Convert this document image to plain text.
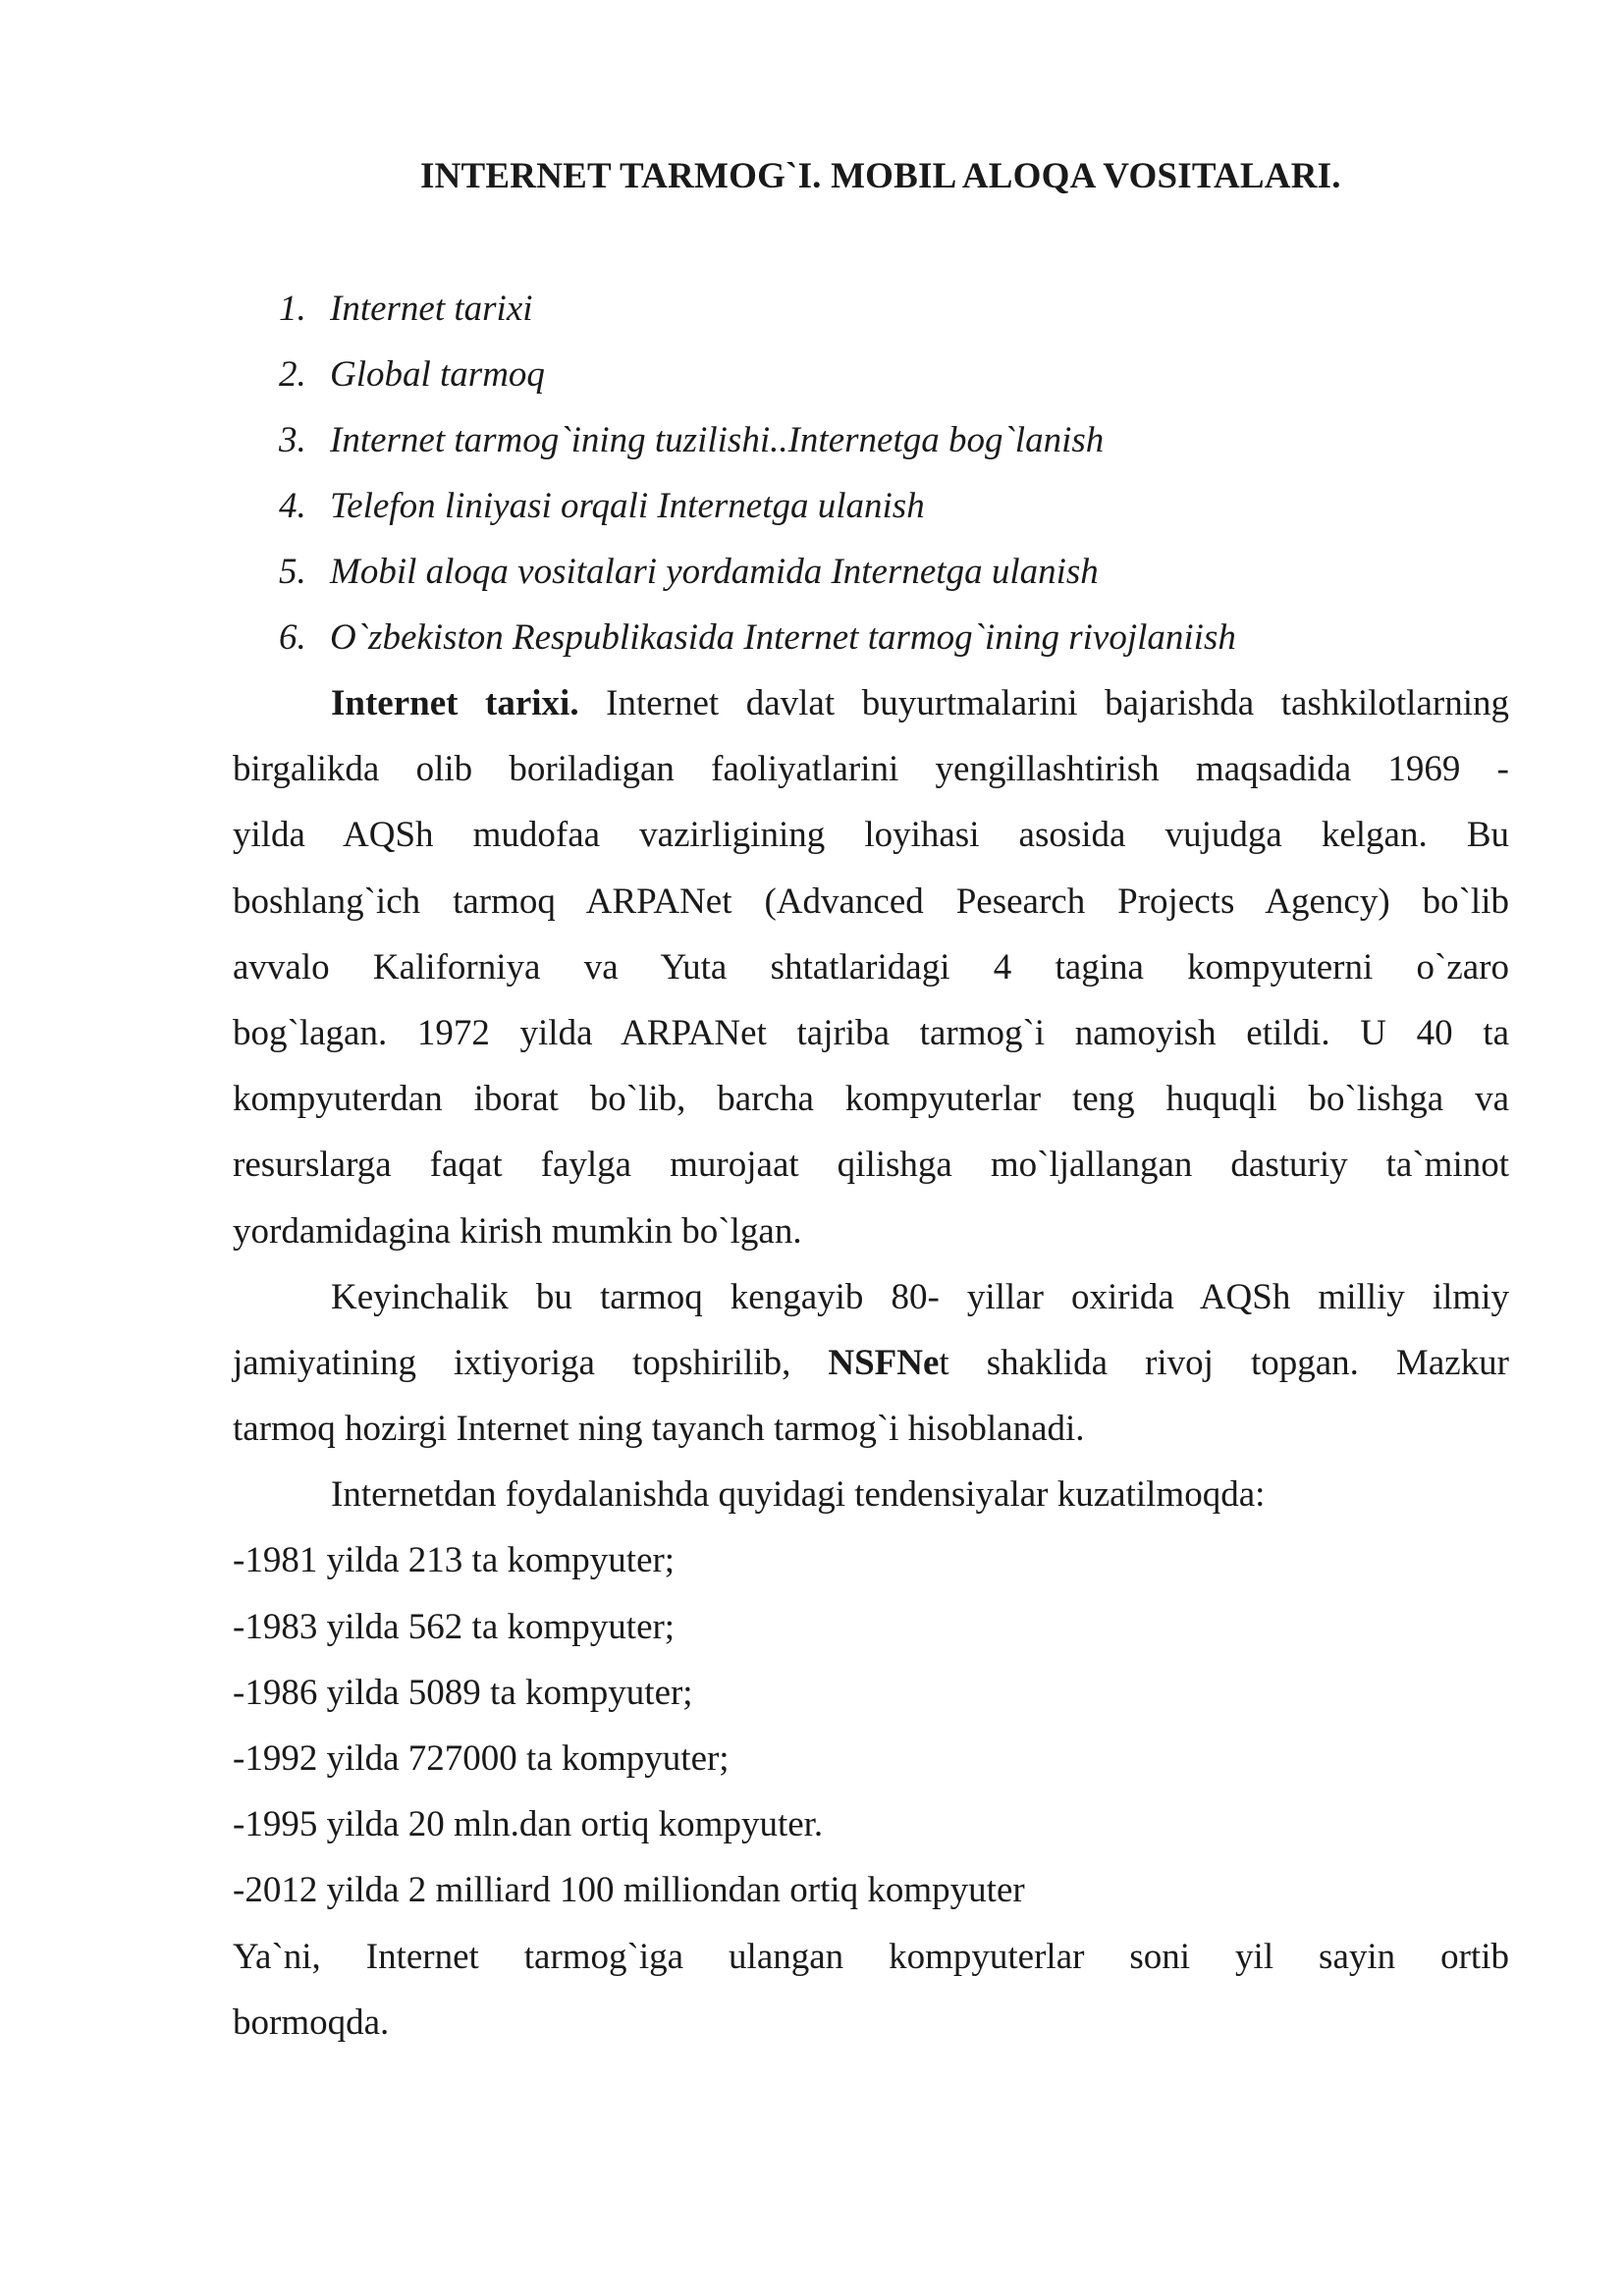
INTERNET TARMOG`I. MOBIL ALOQA VOSITALARI.
1. Internet tarixi
2. Global tarmoq
3. Internet tarmog`ining tuzilishi..Internetga bog`lanish
4. Telefon liniyasi orqali Internetga ulanish
5. Mobil aloqa vositalari yordamida Internetga ulanish
6. O`zbekiston Respublikasida Internet tarmog`ining rivojlaniish
Internet tarixi. Internet davlat buyurtmalarini bajarishda tashkilotlarning
birgalikda olib boriladigan faoliyatlarini yengillashtirish maqsadida 1969 -
yilda AQSh mudofaa vazirligining loyihasi asosida vujudga kelgan. Bu
boshlang`ich tarmoq ARPANet (Advanced Pesearch Projects Agency) bo`lib
avvalo Kaliforniya va Yuta shtatlaridagi 4 tagina kompyuterni o`zaro
bog`lagan. 1972 yilda ARPANet tajriba tarmog`i namoyish etildi. U 40 ta
kompyuterdan iborat bo`lib, barcha kompyuterlar teng huquqli bo`lishga va
resurslarga faqat faylga murojaat qilishga mo`ljallangan dasturiy ta`minot
yordamidagina kirish mumkin bo`lgan.
Keyinchalik bu tarmoq kengayib 80- yillar oxirida AQSh milliy ilmiy
jamiyatining ixtiyoriga topshirilib, NSFNet shaklida rivoj topgan. Mazkur
tarmoq hozirgi Internet ning tayanch tarmog`i hisoblanadi.
Internetdan foydalanishda quyidagi tendensiyalar kuzatilmoqda:
-1981 yilda 213 ta kompyuter;
-1983 yilda 562 ta kompyuter;
-1986 yilda 5089 ta kompyuter;
-1992 yilda 727000 ta kompyuter;
-1995 yilda 20 mln.dan ortiq kompyuter.
-2012 yilda 2 milliard 100 milliondan ortiq kompyuter
Ya`ni, Internet tarmog`iga ulangan kompyuterlar soni yil sayin ortib
bormoqda.
